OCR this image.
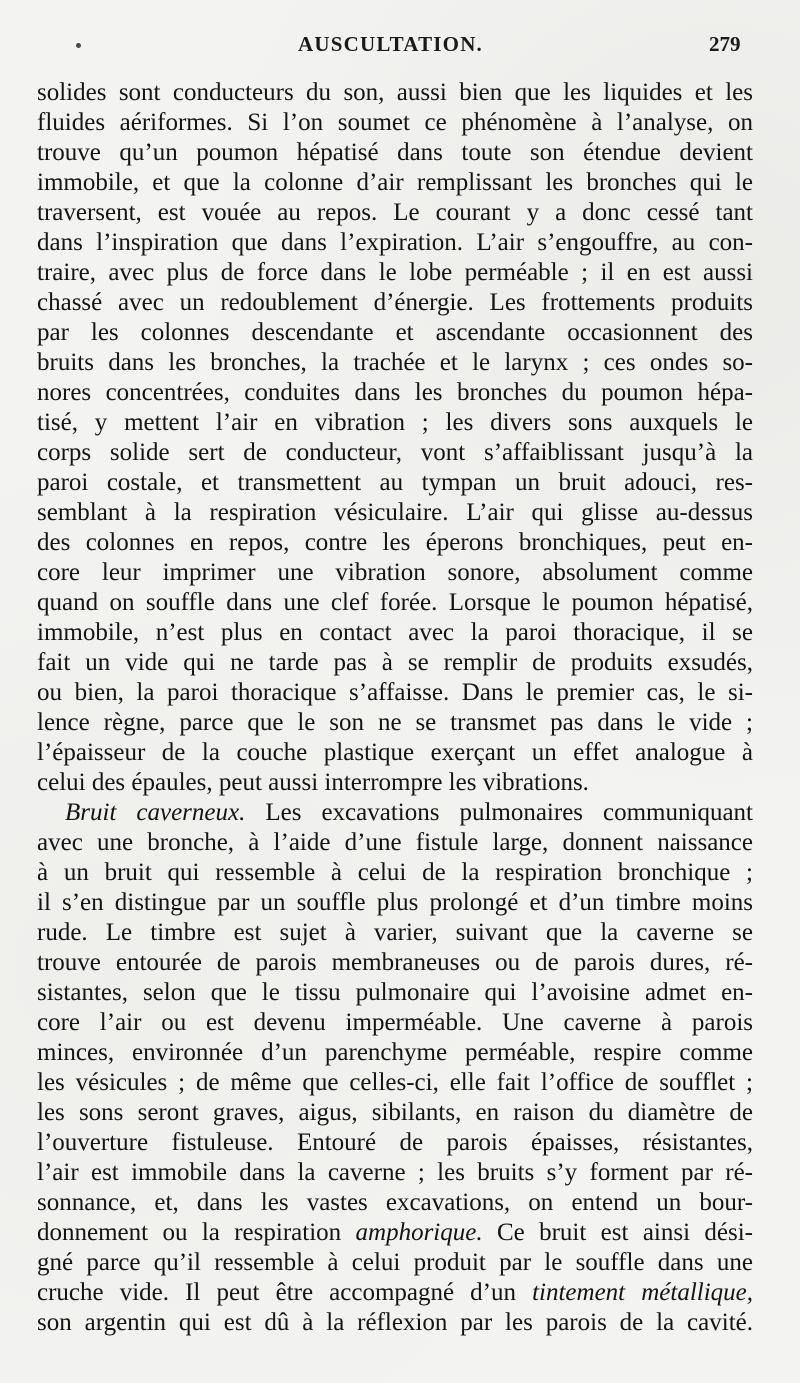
AUSCULTATION.	279
solides sont conducteurs du son, aussi bien que les liquides et les
fluides aériformes. Si l’on soumet ce phénomène à l’analyse, on
trouve qu’un poumon hépatisé dans toute son étendue devient
immobile, et que la colonne d’air remplissant les bronches qui le
traversent, est vouée au repos. Le courant y a donc cessé tant
dans l’inspiration que dans l’expiration. L’air s’engouffre, au con-
traire, avec plus de force dans le lobe perméable ; il en est aussi
chassé avec un redoublement d’énergie. Les frottements produits
par les colonnes descendante et ascendante occasionnent des
bruits dans les bronches, la trachée et le larynx ; ces ondes so-
nores concentrées, conduites dans les bronches du poumon hépa-
tisé, y mettent l’air en vibration ; les divers sons auxquels le
corps solide sert de conducteur, vont s’affaiblissant jusqu’à la
paroi costale, et transmettent au tympan un bruit adouci, res-
semblant à la respiration vésiculaire. L’air qui glisse au-dessus
des colonnes en repos, contre les éperons bronchiques, peut en-
core leur imprimer une vibration sonore, absolument comme
quand on souffle dans une clef forée. Lorsque le poumon hépatisé,
immobile, n’est plus en contact avec la paroi thoracique, il se
fait un vide qui ne tarde pas à se remplir de produits exsudés,
ou bien, la paroi thoracique s’affaisse. Dans le premier cas, le si-
lence règne, parce que le son ne se transmet pas dans le vide ;
l’épaisseur de la couche plastique exerçant un effet analogue à
celui des épaules, peut aussi interrompre les vibrations.
Bruit caverneux. Les excavations pulmonaires communiquant
avec une bronche, à l’aide d’une fistule large, donnent naissance
à un bruit qui ressemble à celui de la respiration bronchique ;
il s’en distingue par un souffle plus prolongé et d’un timbre moins
rude. Le timbre est sujet à varier, suivant que la caverne se
trouve entourée de parois membraneuses ou de parois dures, ré-
sistantes, selon que le tissu pulmonaire qui l’avoisine admet en-
core l’air ou est devenu imperméable. Une caverne à parois
minces, environnée d’un parenchyme perméable, respire comme
les vésicules ; de même que celles-ci, elle fait l’office de soufflet ;
les sons seront graves, aigus, sibilants, en raison du diamètre de
l’ouverture fistuleuse. Entouré de parois épaisses, résistantes,
l’air est immobile dans la caverne ; les bruits s’y forment par ré-
sonnance, et, dans les vastes excavations, on entend un bour-
donnement ou la respiration amphorique. Ce bruit est ainsi dési-
gné parce qu’il ressemble à celui produit par le souffle dans une
cruche vide. Il peut être accompagné d’un tintement métallique,
son argentin qui est dû à la réflexion par les parois de la cavité.
